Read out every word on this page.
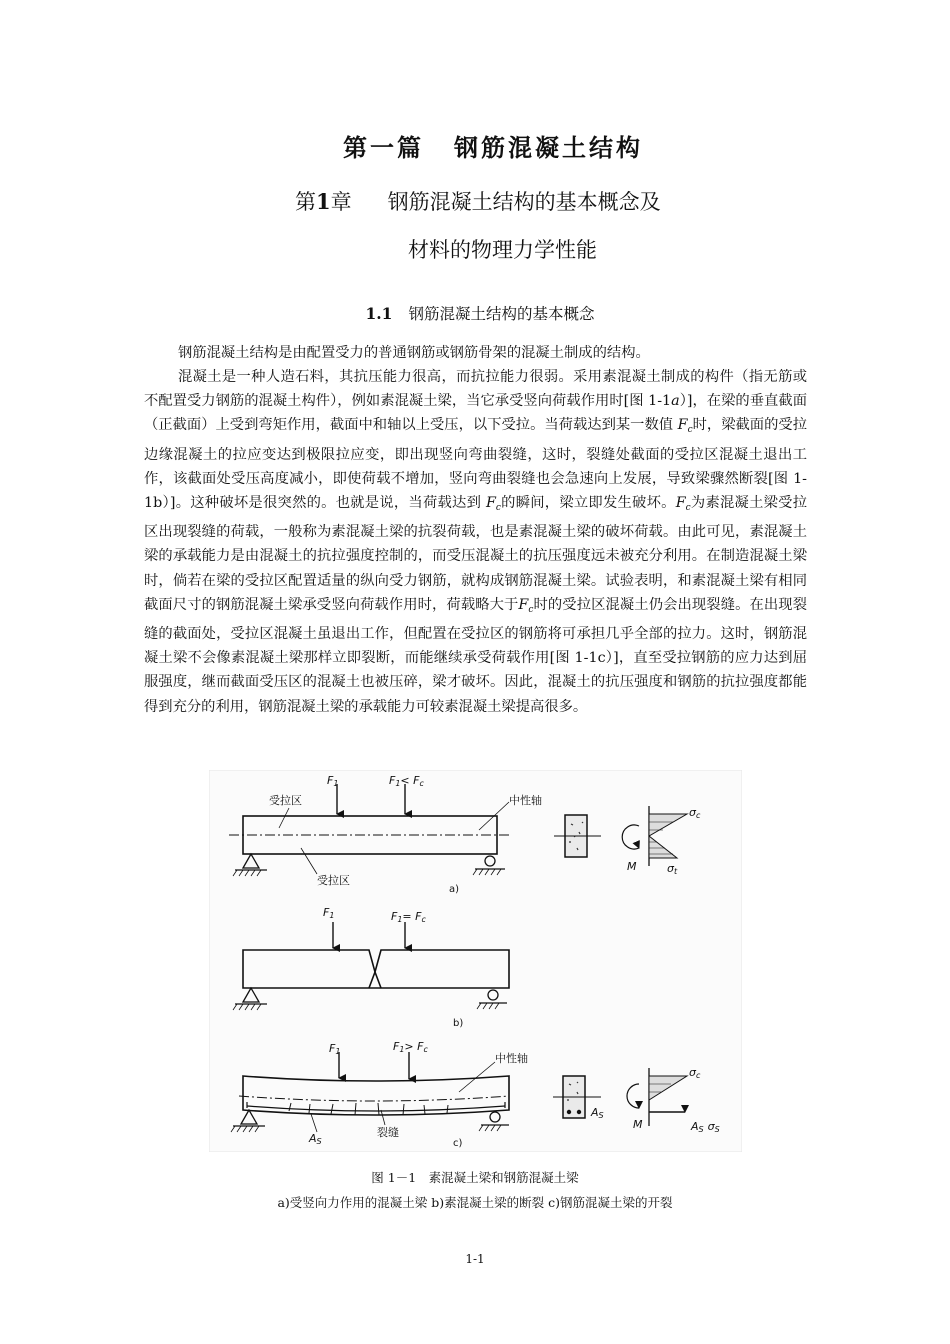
第一篇 钢筋混凝土结构
第1章 钢筋混凝土结构的基本概念及
材料的物理力学性能
1.1 钢筋混凝土结构的基本概念

钢筋混凝土结构是由配置受力的普通钢筋或钢筋骨架的混凝土制成的结构。

混凝土是一种人造石料，其抗压能力很高，而抗拉能力很弱。采用素混凝土制成的构件（指无筋或不配置受力钢筋的混凝土构件），例如素混凝土梁，当它承受竖向荷载作用时[图 1-1a）]，在梁的垂直截面（正截面）上受到弯矩作用，截面中和轴以上受压，以下受拉。当荷载达到某一数值 $F_c$时，梁截面的受拉边缘混凝土的拉应变达到极限拉应变，即出现竖向弯曲裂缝，这时，裂缝处截面的受拉区混凝土退出工作，该截面处受压高度减小，即使荷载不增加，竖向弯曲裂缝也会急速向上发展，导致梁骤然断裂[图 1-1b）]。这种破坏是很突然的。也就是说，当荷载达到 $F_c$的瞬间，梁立即发生破坏。$F_c$为素混凝土梁受拉区出现裂缝的荷载，一般称为素混凝土梁的抗裂荷载，也是素混凝土梁的破坏荷载。由此可见，素混凝土梁的承载能力是由混凝土的抗拉强度控制的，而受压混凝土的抗压强度远未被充分利用。在制造混凝土梁时，倘若在梁的受拉区配置适量的纵向受力钢筋，就构成钢筋混凝土梁。试验表明，和素混凝土梁有相同截面尺寸的钢筋混凝土梁承受竖向荷载作用时，荷载略大于$F_c$时的受拉区混凝土仍会出现裂缝。在出现裂缝的截面处，受拉区混凝土虽退出工作，但配置在受拉区的钢筋将可承担几乎全部的拉力。这时，钢筋混凝土梁不会像素混凝土梁那样立即裂断，而能继续承受荷载作用[图 1-1c）]，直至受拉钢筋的应力达到屈服强度，继而截面受压区的混凝土也被压碎，梁才破坏。因此，混凝土的抗压强度和钢筋的抗拉强度都能得到充分的利用，钢筋混凝土梁的承载能力可较素混凝土梁提高很多。

F1	F1< Fc
受拉区
受拉区
中性轴
a)
M
σc
σt
F1	F1= Fc
b)
F1	F1> Fc
中性轴
AS
裂缝
c)
AS
M
σc
AS σS
图 1－1　素混凝土梁和钢筋混凝土梁
a)受竖向力作用的混凝土梁 b)素混凝土梁的断裂 c)钢筋混凝土梁的开裂
1-1
